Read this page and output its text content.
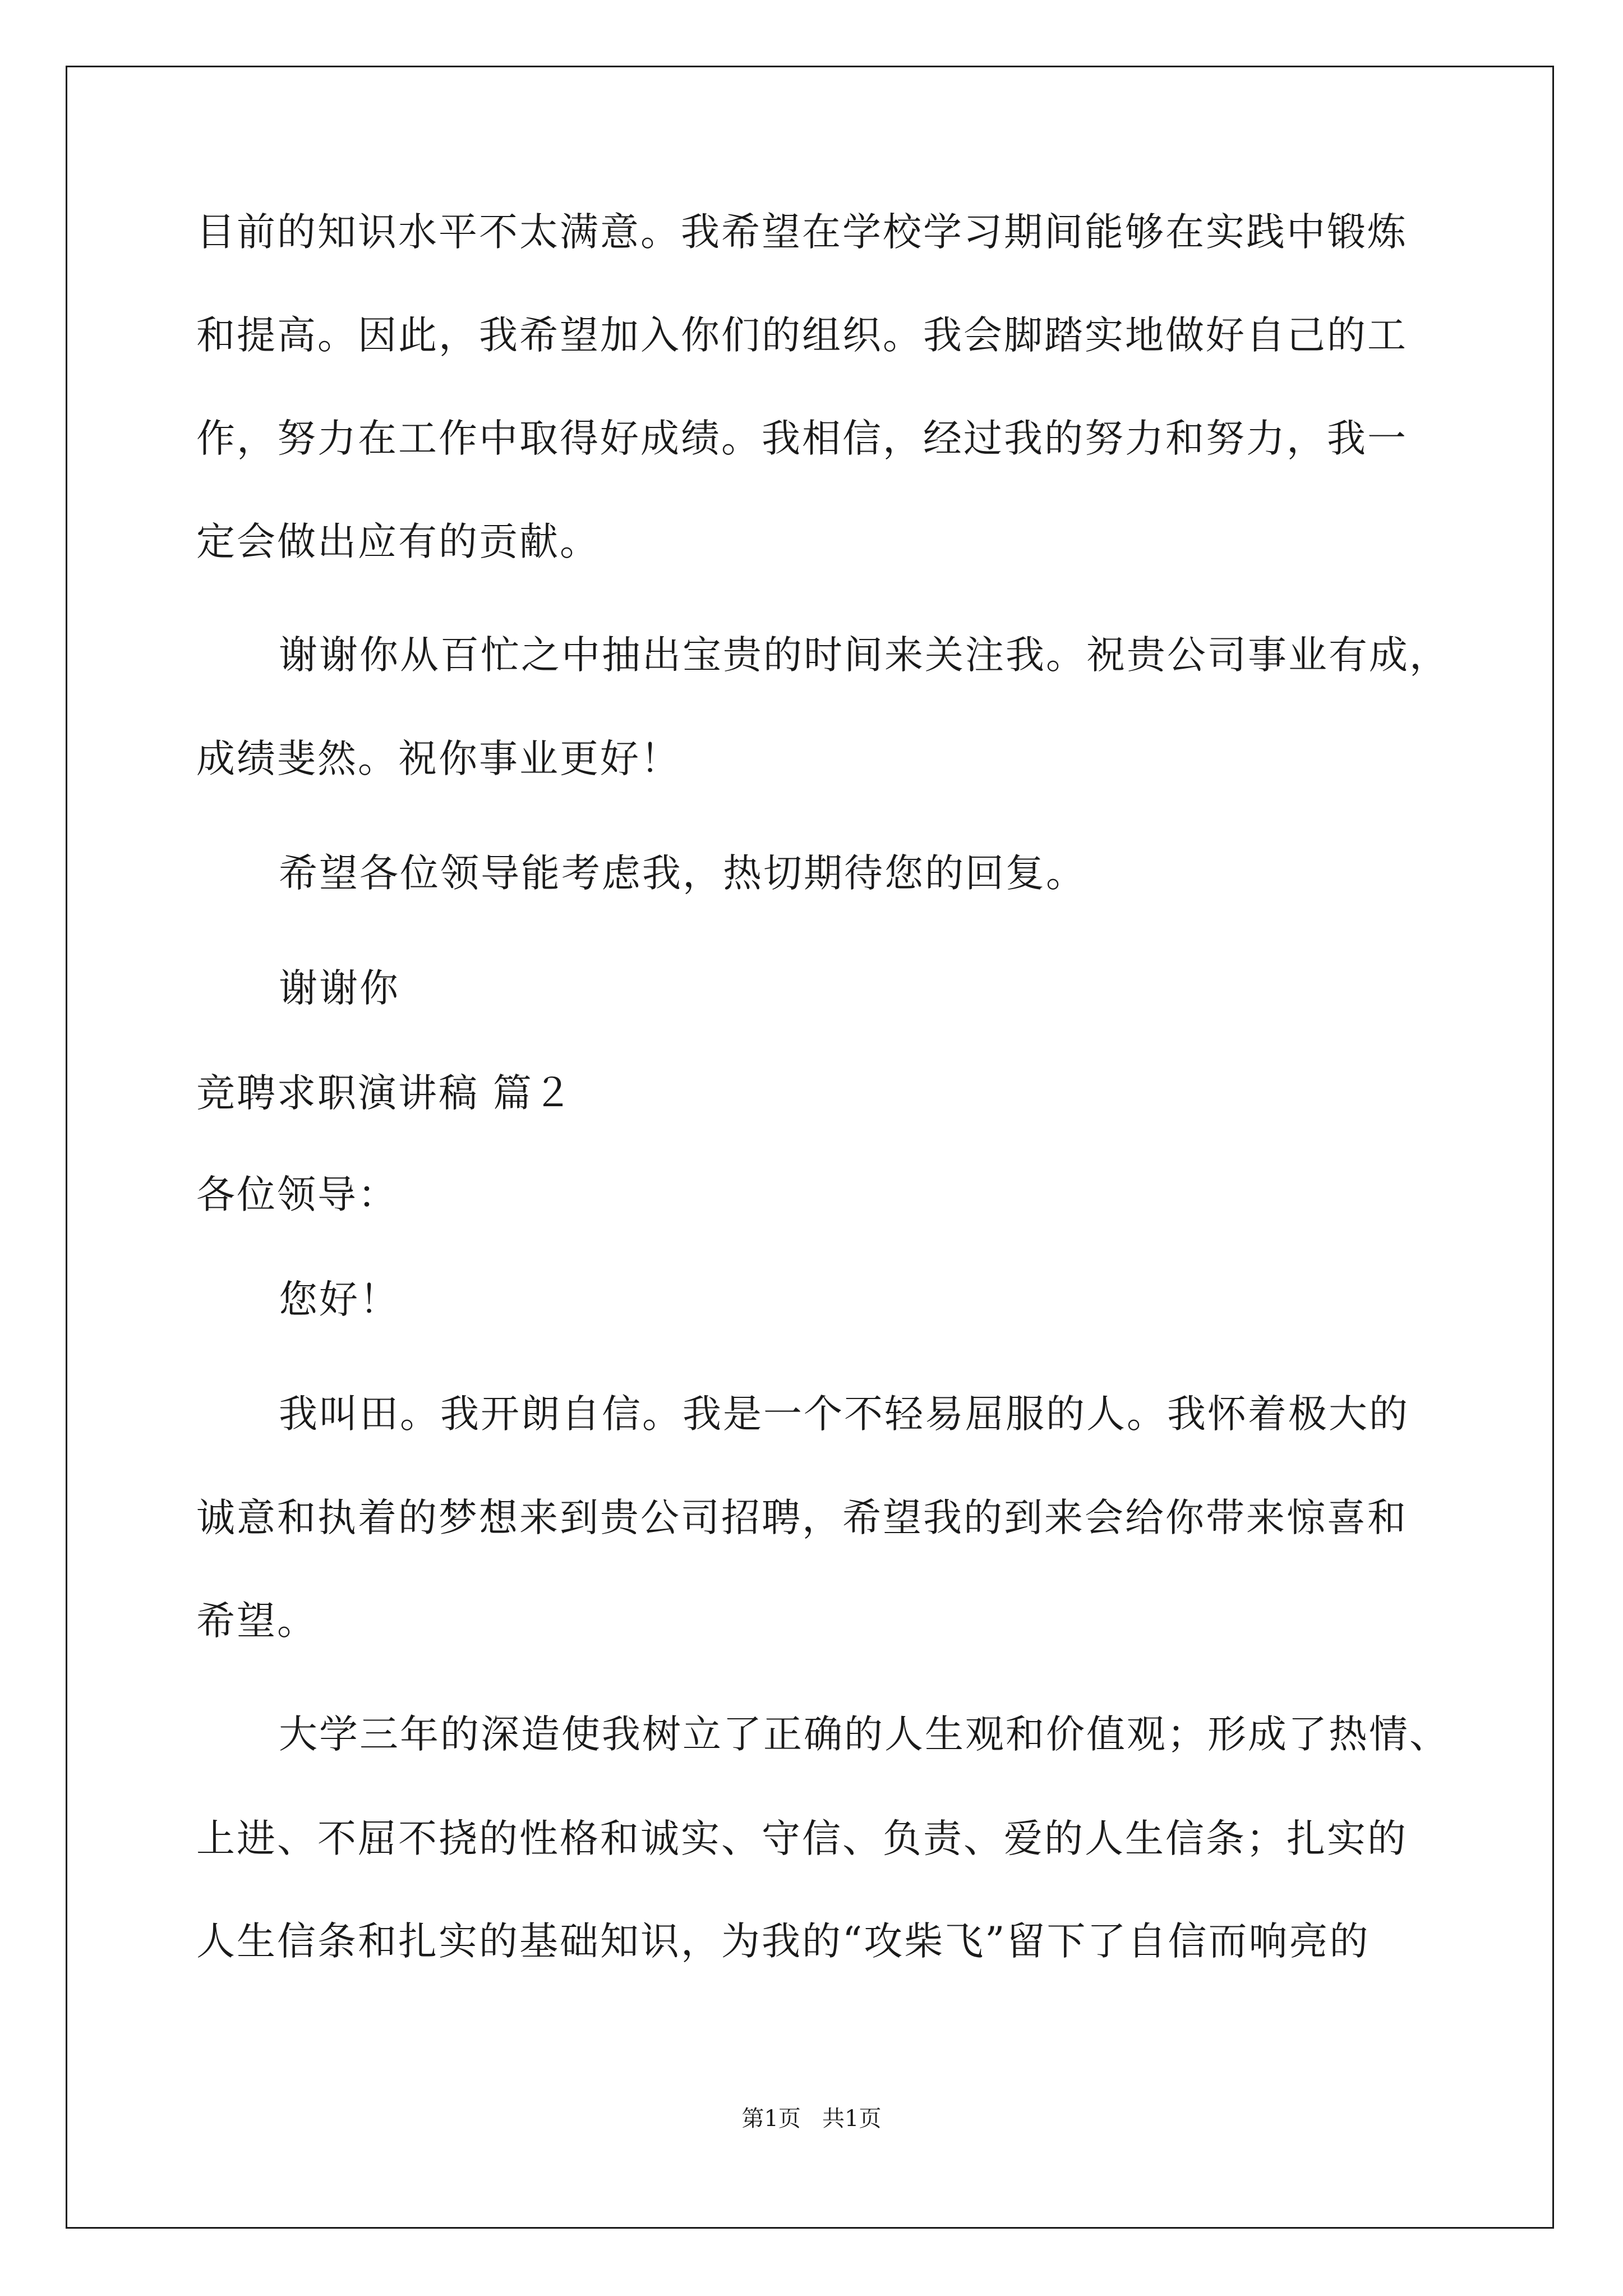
目前的知识水平不太满意。我希望在学校学习期间能够在实践中锻炼
和提高。因此，我希望加入你们的组织。我会脚踏实地做好自己的工
作，努力在工作中取得好成绩。我相信，经过我的努力和努力，我一
定会做出应有的贡献。
谢谢你从百忙之中抽出宝贵的时间来关注我。祝贵公司事业有成，
成绩斐然。祝你事业更好！
希望各位领导能考虑我，热切期待您的回复。
谢谢你
竞聘求职演讲稿 篇２
各位领导：
您好！
我叫田。我开朗自信。我是一个不轻易屈服的人。我怀着极大的
诚意和执着的梦想来到贵公司招聘，希望我的到来会给你带来惊喜和
希望。
大学三年的深造使我树立了正确的人生观和价值观；形成了热情、
上进、不屈不挠的性格和诚实、守信、负责、爱的人生信条；扎实的
人生信条和扎实的基础知识，为我的“攻柴飞”留下了自信而响亮的
第1页   共1页
